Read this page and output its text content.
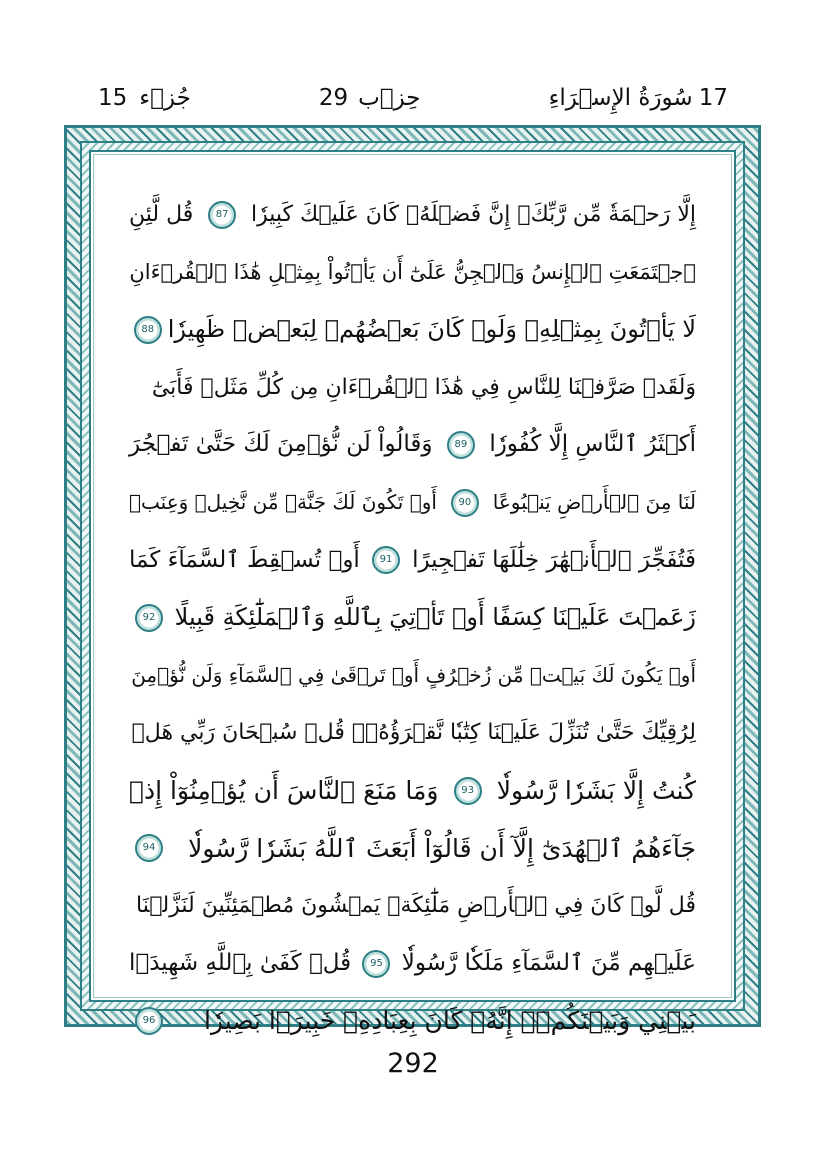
15 جُزۡء	29 حِزۡب	سُورَةُ الإِسۡرَاءِ 17
إِلَّا رَحۡمَةٗ مِّن رَّبِّكَۚ إِنَّ فَضۡلَهُۥ كَانَ عَلَيۡكَ كَبِيرٗا
87
قُل لَّئِنِ
ٱجۡتَمَعَتِ ٱلۡإِنسُ وَٱلۡجِنُّ عَلَىٰٓ أَن يَأۡتُواْ بِمِثۡلِ هَٰذَا ٱلۡقُرۡءَانِ
لَا يَأۡتُونَ بِمِثۡلِهِۦ وَلَوۡ كَانَ بَعۡضُهُمۡ لِبَعۡضٖ ظَهِيرٗا
88
وَلَقَدۡ صَرَّفۡنَا لِلنَّاسِ فِي هَٰذَا ٱلۡقُرۡءَانِ مِن كُلِّ مَثَلٖ فَأَبَىٰٓ
أَكۡثَرُ ٱلنَّاسِ إِلَّا كُفُورٗا
89
وَقَالُواْ لَن نُّؤۡمِنَ لَكَ حَتَّىٰ تَفۡجُرَ
لَنَا مِنَ ٱلۡأَرۡضِ يَنۢبُوعًا
90
أَوۡ تَكُونَ لَكَ جَنَّةٞ مِّن نَّخِيلٖ وَعِنَبٖ
فَتُفَجِّرَ ٱلۡأَنۡهَٰرَ خِلَٰلَهَا تَفۡجِيرًا
91
أَوۡ تُسۡقِطَ ٱلسَّمَآءَ كَمَا
زَعَمۡتَ عَلَيۡنَا كِسَفًا أَوۡ تَأۡتِيَ بِٱللَّهِ وَٱلۡمَلَٰٓئِكَةِ قَبِيلًا
92
أَوۡ يَكُونَ لَكَ بَيۡتٞ مِّن زُخۡرُفٍ أَوۡ تَرۡقَىٰ فِي ٱلسَّمَآءِ وَلَن نُّؤۡمِنَ
لِرُقِيِّكَ حَتَّىٰ تُنَزِّلَ عَلَيۡنَا كِتَٰبٗا نَّقۡرَؤُهُۥۗ قُلۡ سُبۡحَانَ رَبِّي هَلۡ
كُنتُ إِلَّا بَشَرٗا رَّسُولٗا
93
وَمَا مَنَعَ ٱلنَّاسَ أَن يُؤۡمِنُوٓاْ إِذۡ
جَآءَهُمُ ٱلۡهُدَىٰٓ إِلَّآ أَن قَالُوٓاْ أَبَعَثَ ٱللَّهُ بَشَرٗا رَّسُولٗا
94
قُل لَّوۡ كَانَ فِي ٱلۡأَرۡضِ مَلَٰٓئِكَةٞ يَمۡشُونَ مُطۡمَئِنِّينَ لَنَزَّلۡنَا
عَلَيۡهِم مِّنَ ٱلسَّمَآءِ مَلَكٗا رَّسُولٗا
95
قُلۡ كَفَىٰ بِٱللَّهِ شَهِيدَۢا
بَيۡنِي وَبَيۡنَكُمۡۚ إِنَّهُۥ كَانَ بِعِبَادِهِۦ خَبِيرَۢا بَصِيرٗا
96
292
